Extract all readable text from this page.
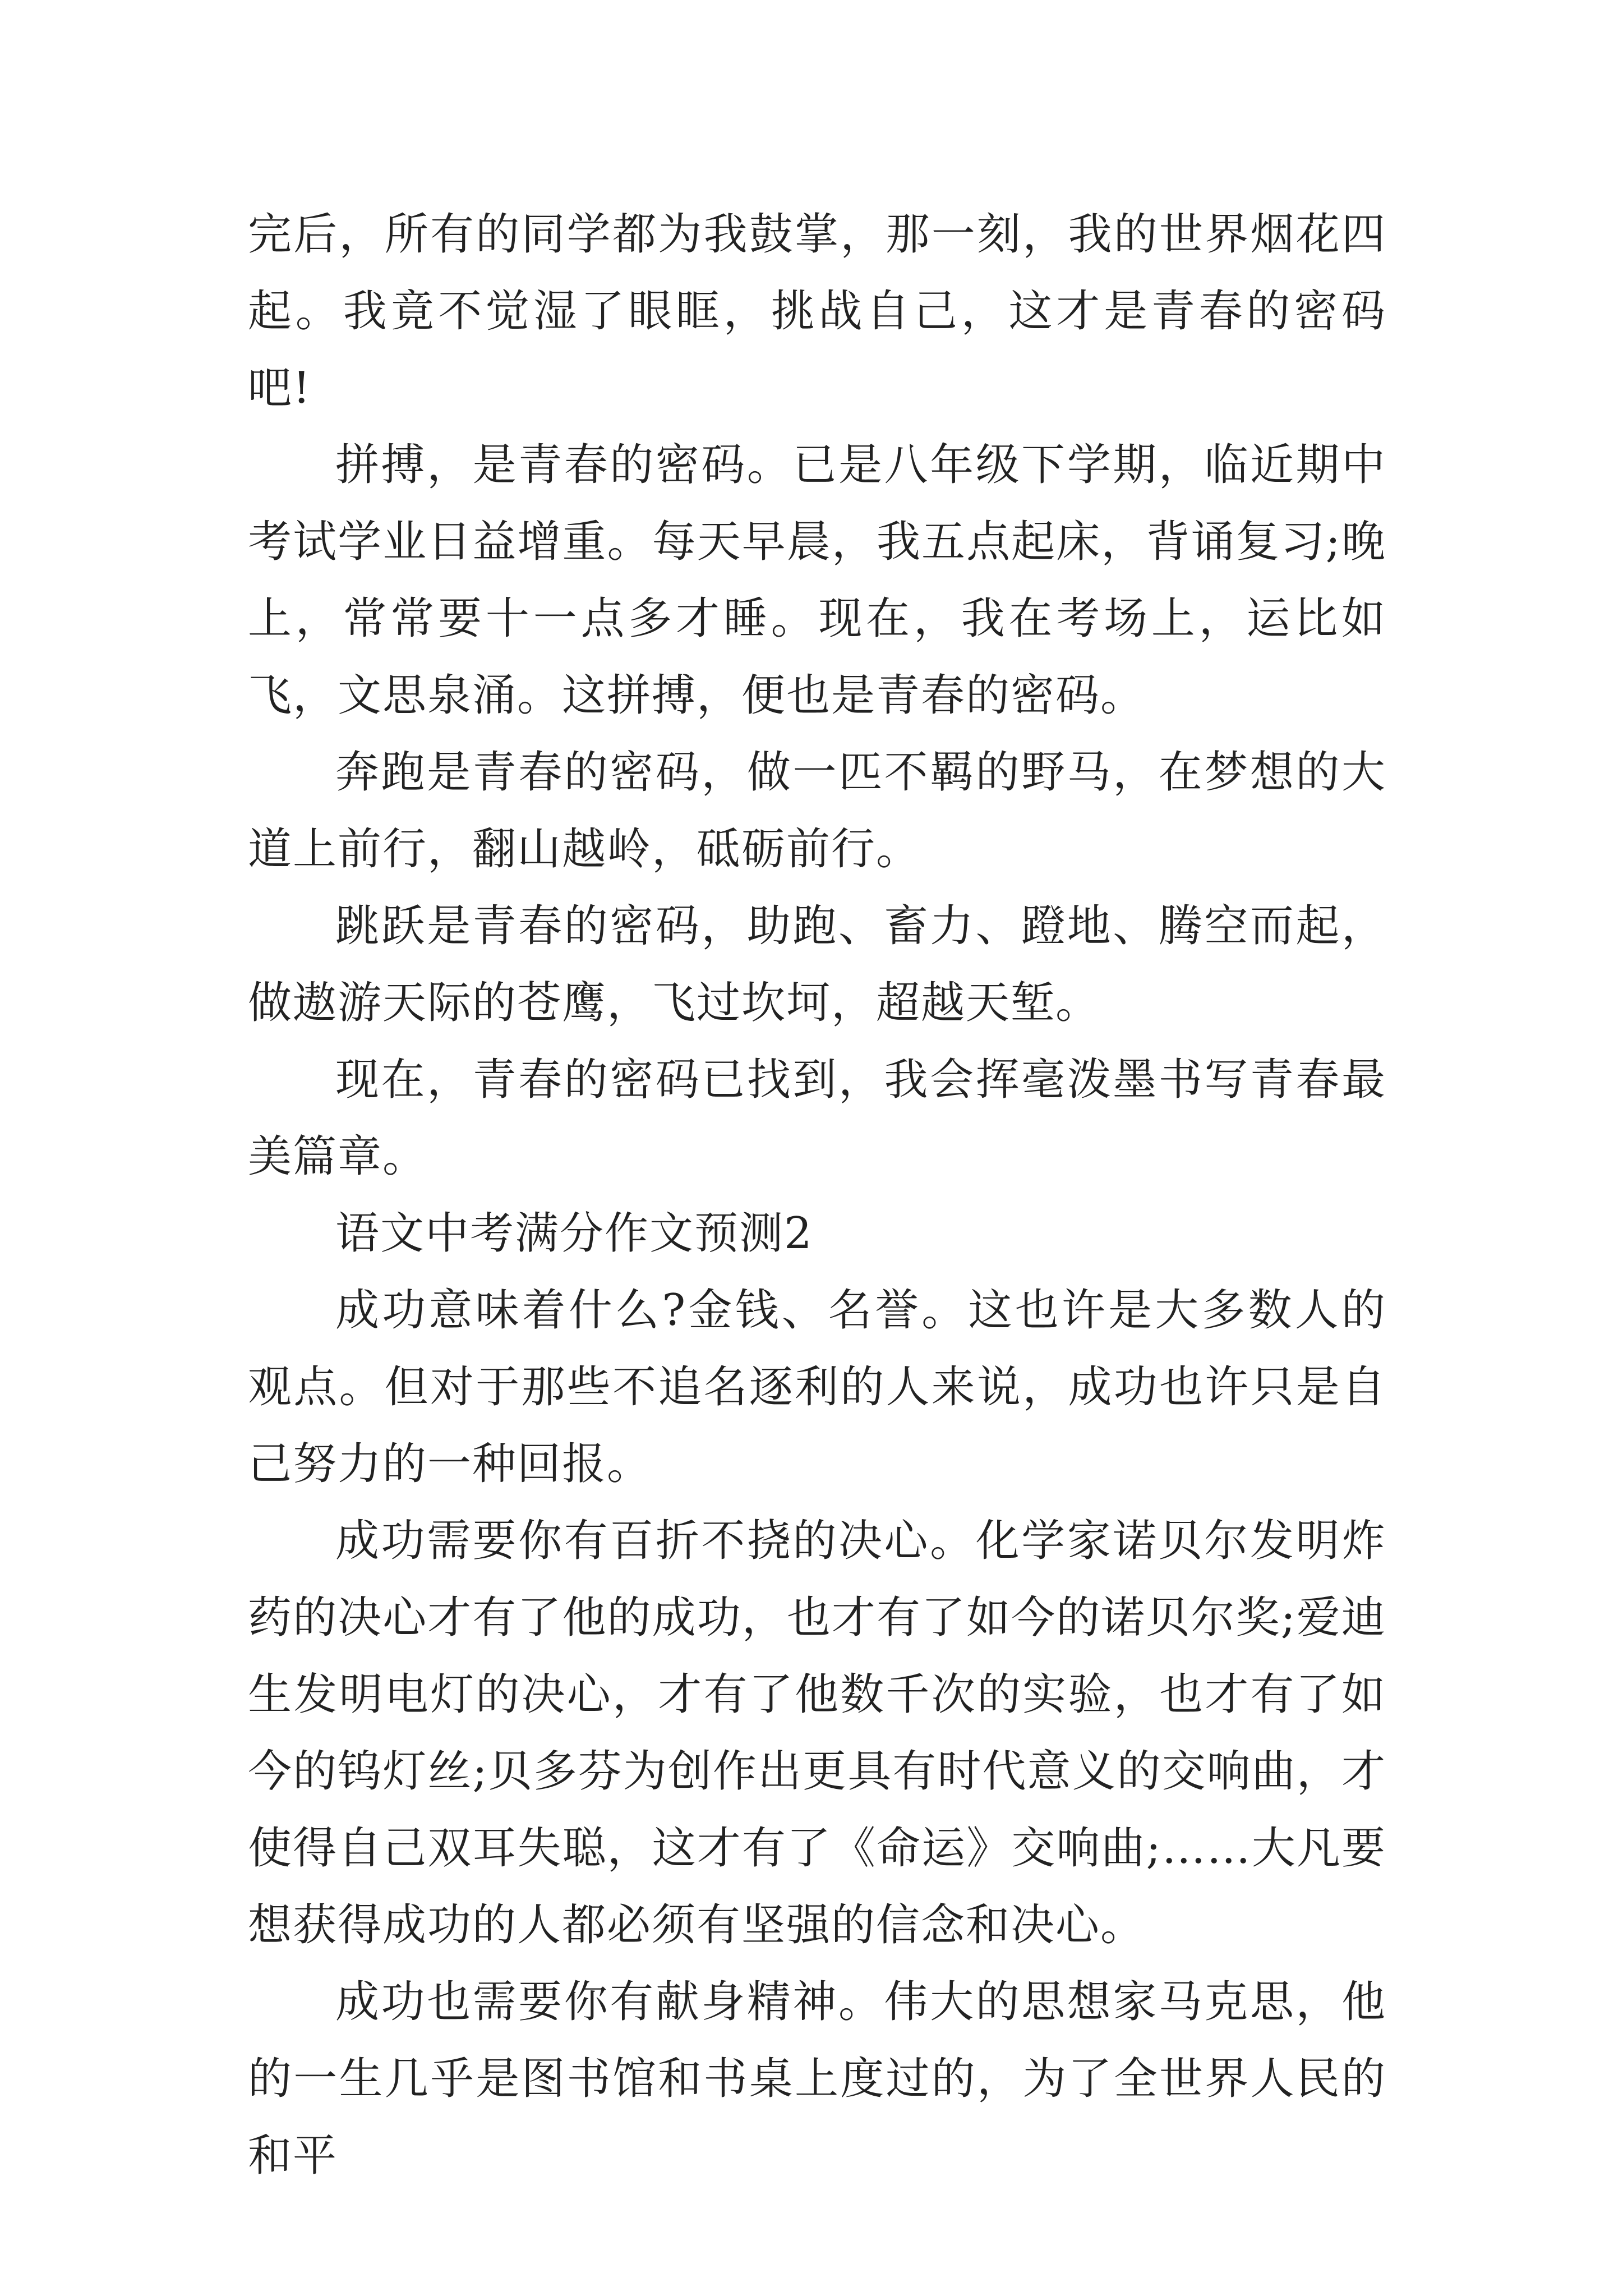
完后，所有的同学都为我鼓掌，那一刻，我的世界烟花四起。我竟不觉湿了眼眶，挑战自己，这才是青春的密码吧!

拼搏，是青春的密码。已是八年级下学期，临近期中考试学业日益增重。每天早晨，我五点起床，背诵复习;晚上，常常要十一点多才睡。现在，我在考场上，运比如飞，文思泉涌。这拼搏，便也是青春的密码。

奔跑是青春的密码，做一匹不羁的野马，在梦想的大道上前行，翻山越岭，砥砺前行。

跳跃是青春的密码，助跑、畜力、蹬地、腾空而起，做遨游天际的苍鹰，飞过坎坷，超越天堑。

现在，青春的密码已找到，我会挥毫泼墨书写青春最美篇章。

语文中考满分作文预测2

成功意味着什么?金钱、名誉。这也许是大多数人的观点。但对于那些不追名逐利的人来说，成功也许只是自己努力的一种回报。

成功需要你有百折不挠的决心。化学家诺贝尔发明炸药的决心才有了他的成功，也才有了如今的诺贝尔奖;爱迪生发明电灯的决心，才有了他数千次的实验，也才有了如今的钨灯丝;贝多芬为创作出更具有时代意义的交响曲，才使得自己双耳失聪，这才有了《命运》交响曲;……大凡要想获得成功的人都必须有坚强的信念和决心。

成功也需要你有献身精神。伟大的思想家马克思，他的一生几乎是图书馆和书桌上度过的，为了全世界人民的和平
